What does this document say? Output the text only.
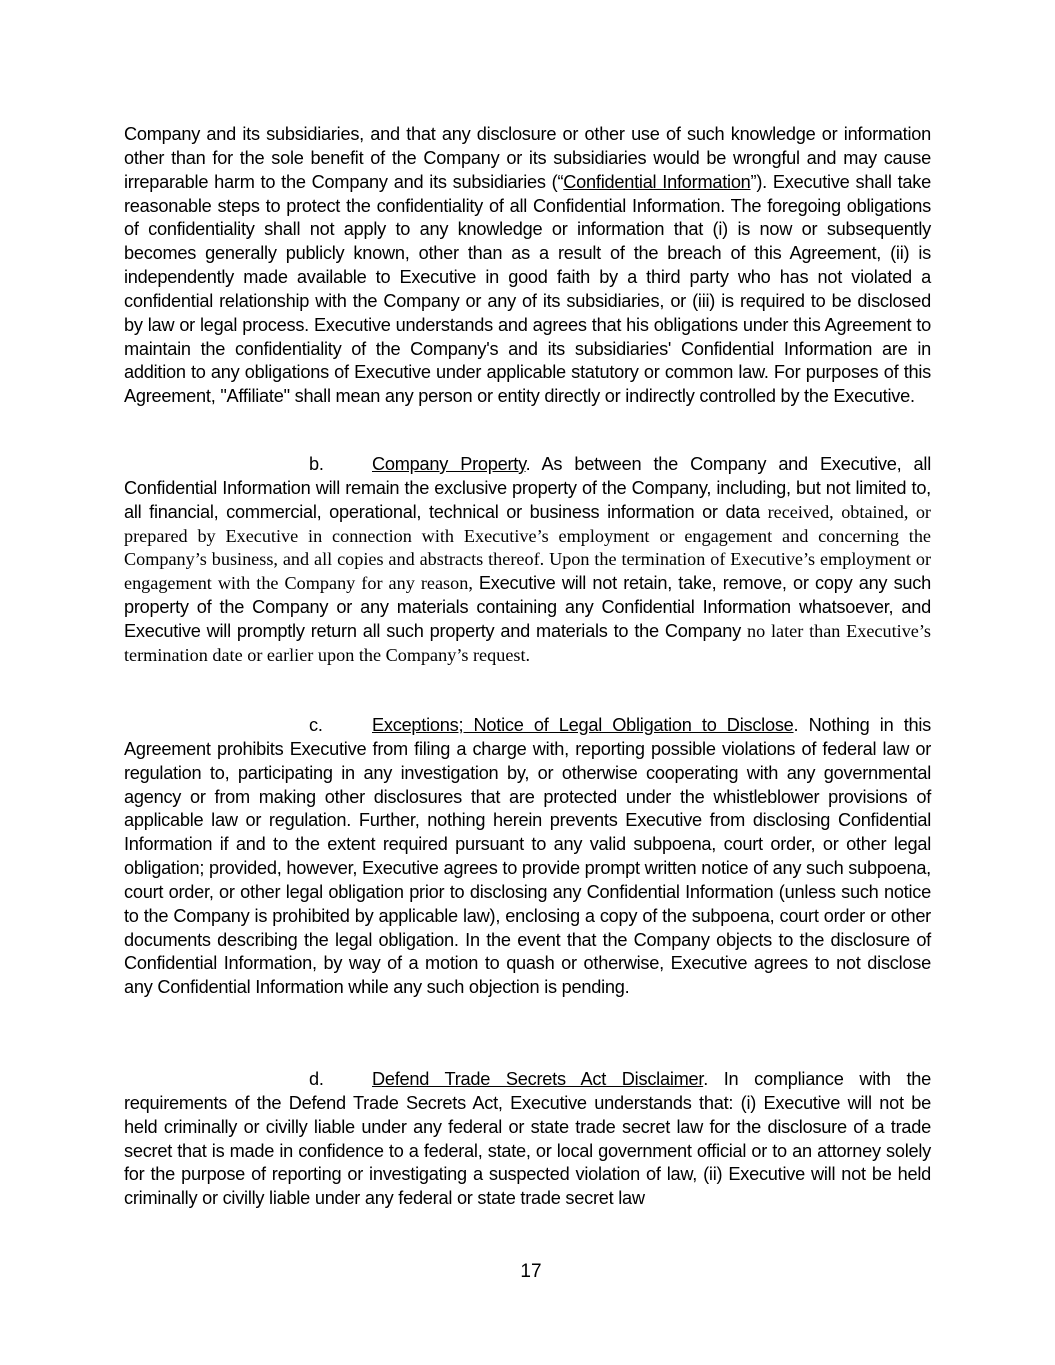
Company and its subsidiaries, and that any disclosure or other use of such knowledge or information other than for the sole benefit of the Company or its subsidiaries would be wrongful and may cause irreparable harm to the Company and its subsidiaries (“Confidential Information”). Executive shall take reasonable steps to protect the confidentiality of all Confidential Information. The foregoing obligations of confidentiality shall not apply to any knowledge or information that (i) is now or subsequently becomes generally publicly known, other than as a result of the breach of this Agreement, (ii) is independently made available to Executive in good faith by a third party who has not violated a confidential relationship with the Company or any of its subsidiaries, or (iii) is required to be disclosed by law or legal process. Executive understands and agrees that his obligations under this Agreement to maintain the confidentiality of the Company's and its subsidiaries' Confidential Information are in addition to any obligations of Executive under applicable statutory or common law. For purposes of this Agreement, "Affiliate" shall mean any person or entity directly or indirectly controlled by the Executive.

b.	Company Property. As between the Company and Executive, all Confidential Information will remain the exclusive property of the Company, including, but not limited to, all financial, commercial, operational, technical or business information or data received, obtained, or prepared by Executive in connection with Executive’s employment or engagement and concerning the Company’s business, and all copies and abstracts thereof. Upon the termination of Executive’s employment or engagement with the Company for any reason, Executive will not retain, take, remove, or copy any such property of the Company or any materials containing any Confidential Information whatsoever, and Executive will promptly return all such property and materials to the Company no later than Executive’s termination date or earlier upon the Company’s request.

c.	Exceptions; Notice of Legal Obligation to Disclose. Nothing in this Agreement prohibits Executive from filing a charge with, reporting possible violations of federal law or regulation to, participating in any investigation by, or otherwise cooperating with any governmental agency or from making other disclosures that are protected under the whistleblower provisions of applicable law or regulation. Further, nothing herein prevents Executive from disclosing Confidential Information if and to the extent required pursuant to any valid subpoena, court order, or other legal obligation; provided, however, Executive agrees to provide prompt written notice of any such subpoena, court order, or other legal obligation prior to disclosing any Confidential Information (unless such notice to the Company is prohibited by applicable law), enclosing a copy of the subpoena, court order or other documents describing the legal obligation. In the event that the Company objects to the disclosure of Confidential Information, by way of a motion to quash or otherwise, Executive agrees to not disclose any Confidential Information while any such objection is pending.

d.	Defend Trade Secrets Act Disclaimer. In compliance with the requirements of the Defend Trade Secrets Act, Executive understands that: (i) Executive will not be held criminally or civilly liable under any federal or state trade secret law for the disclosure of a trade secret that is made in confidence to a federal, state, or local government official or to an attorney solely for the purpose of reporting or investigating a suspected violation of law, (ii) Executive will not be held criminally or civilly liable under any federal or state trade secret law

17
